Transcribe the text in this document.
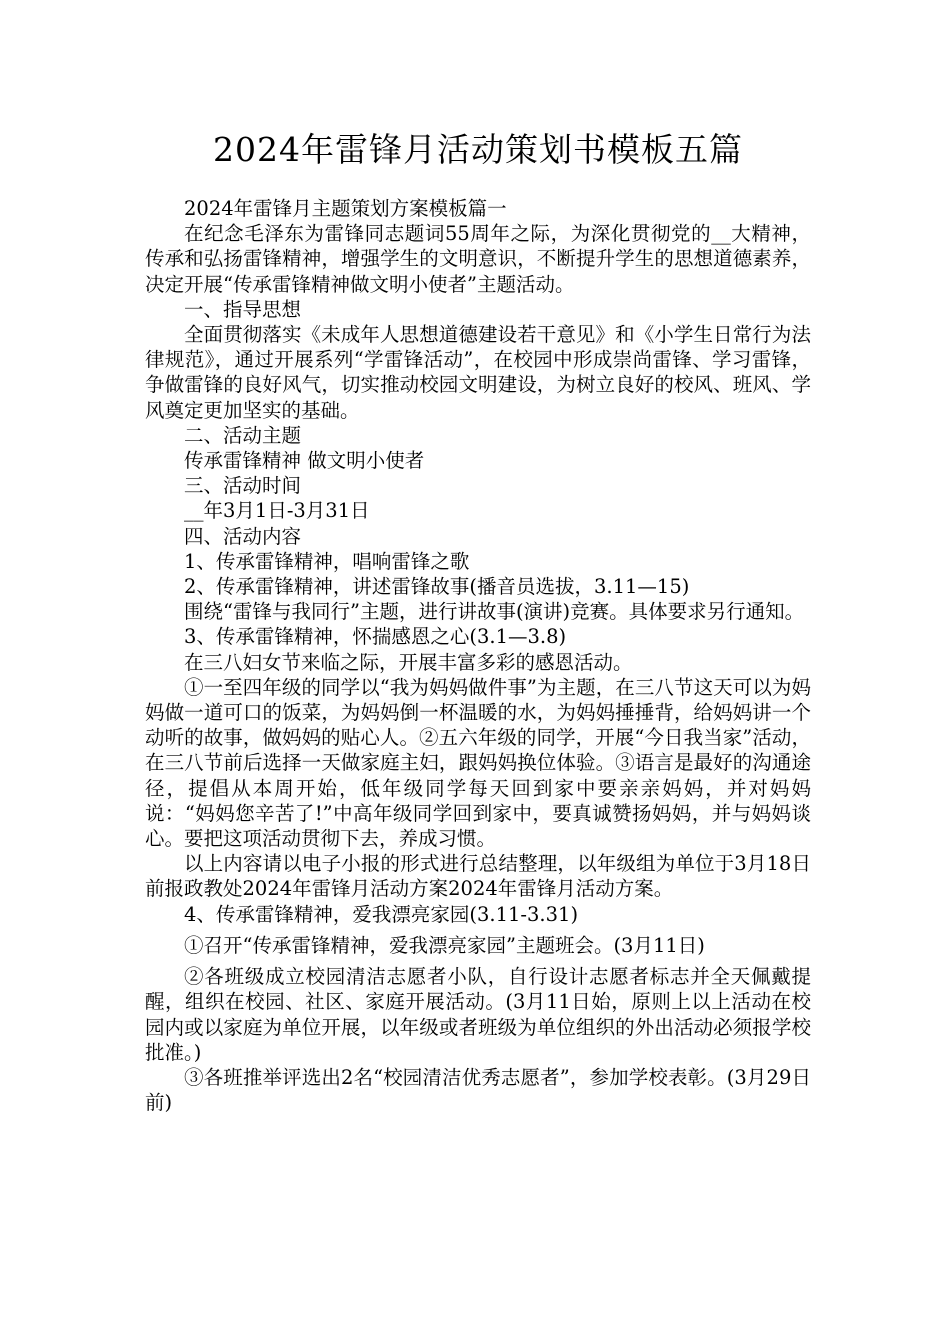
2024年雷锋月活动策划书模板五篇

2024年雷锋月主题策划方案模板篇一

在纪念毛泽东为雷锋同志题词55周年之际，为深化贯彻党的__大精神，传承和弘扬雷锋精神，增强学生的文明意识，不断提升学生的思想道德素养，决定开展“传承雷锋精神做文明小使者”主题活动。

一、指导思想

全面贯彻落实《未成年人思想道德建设若干意见》和《小学生日常行为法律规范》，通过开展系列“学雷锋活动”，在校园中形成崇尚雷锋、学习雷锋，争做雷锋的良好风气，切实推动校园文明建设，为树立良好的校风、班风、学风奠定更加坚实的基础。

二、活动主题

传承雷锋精神 做文明小使者

三、活动时间

__年3月1日-3月31日

四、活动内容

1、传承雷锋精神，唱响雷锋之歌

2、传承雷锋精神，讲述雷锋故事(播音员选拔，3.11—15)

围绕“雷锋与我同行”主题，进行讲故事(演讲)竞赛。具体要求另行通知。

3、传承雷锋精神，怀揣感恩之心(3.1—3.8)

在三八妇女节来临之际，开展丰富多彩的感恩活动。

①一至四年级的同学以“我为妈妈做件事”为主题，在三八节这天可以为妈妈做一道可口的饭菜，为妈妈倒一杯温暖的水，为妈妈捶捶背，给妈妈讲一个动听的故事，做妈妈的贴心人。②五六年级的同学，开展“今日我当家”活动，在三八节前后选择一天做家庭主妇，跟妈妈换位体验。③语言是最好的沟通途径，提倡从本周开始，低年级同学每天回到家中要亲亲妈妈，并对妈妈说：“妈妈您辛苦了!”中高年级同学回到家中，要真诚赞扬妈妈，并与妈妈谈心。要把这项活动贯彻下去，养成习惯。

以上内容请以电子小报的形式进行总结整理，以年级组为单位于3月18日前报政教处2024年雷锋月活动方案2024年雷锋月活动方案。

4、传承雷锋精神，爱我漂亮家园(3.11-3.31)

①召开“传承雷锋精神，爱我漂亮家园”主题班会。(3月11日)

②各班级成立校园清洁志愿者小队，自行设计志愿者标志并全天佩戴提醒，组织在校园、社区、家庭开展活动。(3月11日始，原则上以上活动在校园内或以家庭为单位开展，以年级或者班级为单位组织的外出活动必须报学校批准。)

③各班推举评选出2名“校园清洁优秀志愿者”，参加学校表彰。(3月29日前)
